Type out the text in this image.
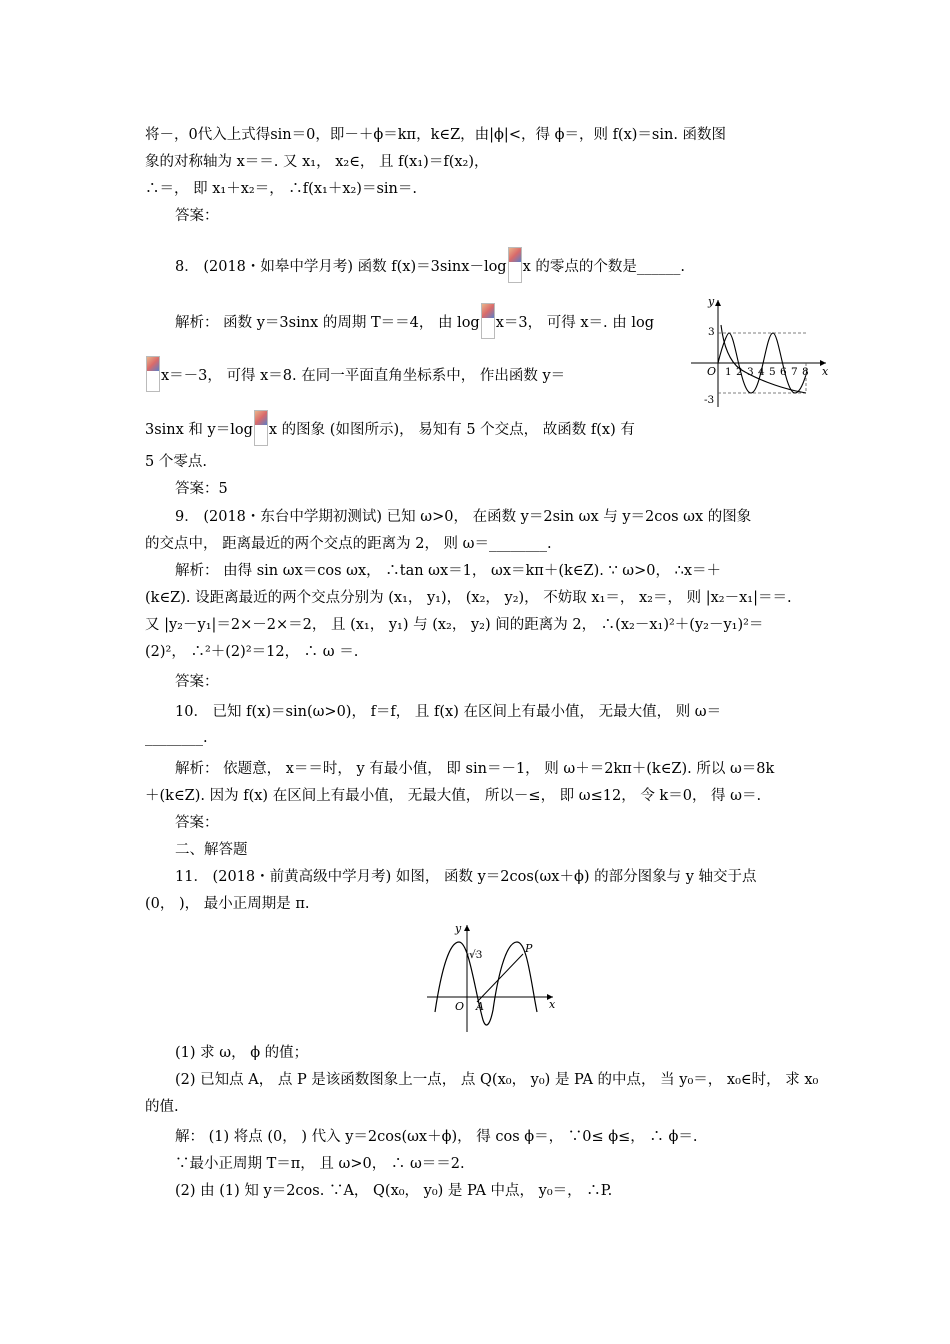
将－，0代入上式得sin＝0，即－＋ϕ＝kπ，k∈Z，由|ϕ|<，得 ϕ＝，则 f(x)＝sin. 函数图
象的对称轴为 x＝＝. 又 x₁， x₂∈， 且 f(x₁)＝f(x₂)，
∴＝， 即 x₁＋x₂＝， ∴f(x₁＋x₂)＝sin＝.
答案：
8． (2018・如皋中学月考) 函数 f(x)＝3sinx－log x 的零点的个数是______.
解析： 函数 y＝3sinx 的周期 T＝＝4， 由 log x＝3， 可得 x＝. 由 log
x＝－3， 可得 x＝8. 在同一平面直角坐标系中， 作出函数 y＝
3sinx 和 y＝log x 的图象 (如图所示)， 易知有 5 个交点， 故函数 f(x) 有
5 个零点.
答案：5
y
x
O
3
-3
1 2 3 4 5 6 7 8
9． (2018・东台中学期初测试) 已知 ω>0， 在函数 y＝2sin ωx 与 y＝2cos ωx 的图象
的交点中， 距离最近的两个交点的距离为 2， 则 ω＝________.
解析： 由得 sin ωx＝cos ωx， ∴tan ωx＝1， ωx＝kπ＋(k∈Z). ∵ ω>0， ∴x＝＋
(k∈Z). 设距离最近的两个交点分别为 (x₁， y₁)， (x₂， y₂)， 不妨取 x₁＝， x₂＝， 则 |x₂－x₁|＝＝.
又 |y₂－y₁|＝2×－2×＝2， 且 (x₁， y₁) 与 (x₂， y₂) 间的距离为 2， ∴(x₂－x₁)²＋(y₂－y₁)²＝
(2)²， ∴²＋(2)²＝12， ∴ ω ＝.
答案：
10． 已知 f(x)＝sin(ω>0)， f＝f， 且 f(x) 在区间上有最小值， 无最大值， 则 ω＝
________.
解析： 依题意， x＝＝时， y 有最小值， 即 sin＝－1， 则 ω＋＝2kπ＋(k∈Z). 所以 ω＝8k
＋(k∈Z). 因为 f(x) 在区间上有最小值， 无最大值， 所以－≤， 即 ω≤12， 令 k＝0， 得 ω＝.
答案：
二、解答题
11． (2018・前黄高级中学月考) 如图， 函数 y＝2cos(ωx＋ϕ) 的部分图象与 y 轴交于点
(0， )， 最小正周期是 π.
y
x
O
√3
A
P
(1) 求 ω， ϕ 的值；
(2) 已知点 A， 点 P 是该函数图象上一点， 点 Q(x₀， y₀) 是 PA 的中点， 当 y₀＝， x₀∈时， 求 x₀
的值.
解： (1) 将点 (0， ) 代入 y＝2cos(ωx＋ϕ)， 得 cos ϕ＝， ∵0≤ ϕ≤， ∴ ϕ＝.
∵最小正周期 T＝π， 且 ω>0， ∴ ω＝＝2.
(2) 由 (1) 知 y＝2cos. ∵A， Q(x₀， y₀) 是 PA 中点， y₀＝， ∴P.
